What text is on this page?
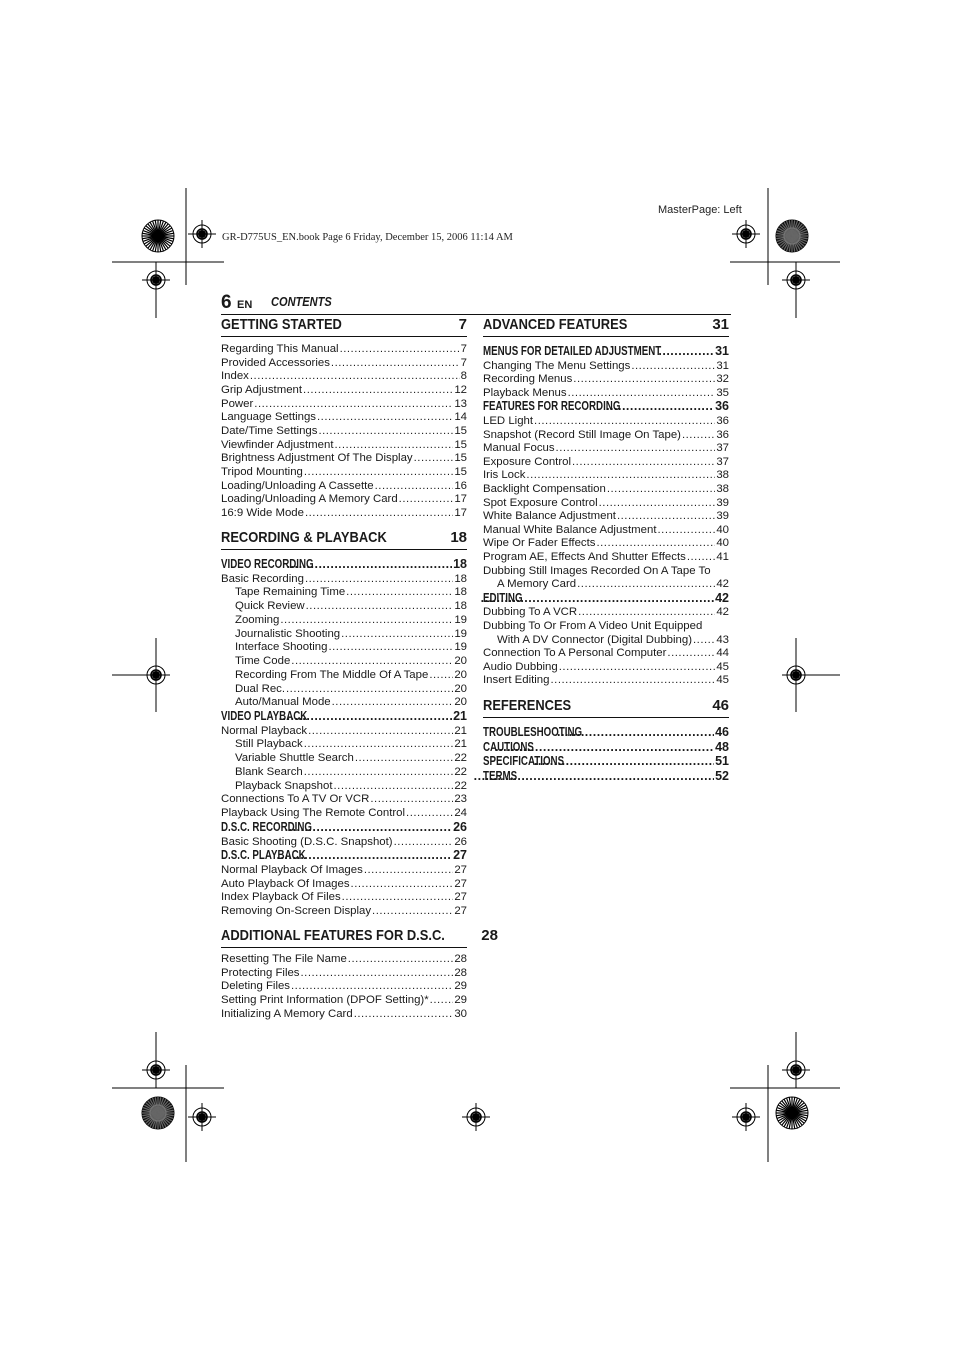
MasterPage: Left
GR-D775US_EN.book Page 6 Friday, December 15, 2006 11:14 AM
6 EN CONTENTS
GETTING STARTED	7
Regarding This Manual .....	7
Provided Accessories .....	7
Index .....	8
Grip Adjustment .....	12
Power .....	13
Language Settings .....	14
Date/Time Settings .....	15
Viewfinder Adjustment .....	15
Brightness Adjustment Of The Display .....	15
Tripod Mounting .....	15
Loading/Unloading A Cassette .....	16
Loading/Unloading A Memory Card .....	17
16:9 Wide Mode .....	17
RECORDING & PLAYBACK	18
VIDEO RECORDING .....	18
Basic Recording .....	18
Tape Remaining Time .....	18
Quick Review .....	18
Zooming .....	19
Journalistic Shooting .....	19
Interface Shooting .....	19
Time Code .....	20
Recording From The Middle Of A Tape ..... 20
Dual Rec. .....	20
Auto/Manual Mode .....	20
VIDEO PLAYBACK .....	21
Normal Playback .....	21
Still Playback .....	21
Variable Shuttle Search .....	22
Blank Search .....	22
Playback Snapshot .....	22
Connections To A TV Or VCR .....	23
Playback Using The Remote Control .....	24
D.S.C. RECORDING .....	26
Basic Shooting (D.S.C. Snapshot) .....	26
D.S.C. PLAYBACK .....	27
Normal Playback Of Images .....	27
Auto Playback Of Images .....	27
Index Playback Of Files .....	27
Removing On-Screen Display .....	27
ADDITIONAL FEATURES FOR D.S.C. 28
Resetting The File Name .....	28
Protecting Files .....	28
Deleting Files .....	29
Setting Print Information (DPOF Setting)* ..... 29
Initializing A Memory Card .....	30
ADVANCED FEATURES	31
MENUS FOR DETAILED ADJUSTMENT .....	31
Changing The Menu Settings .....	31
Recording Menus .....	32
Playback Menus .....	35
FEATURES FOR RECORDING .....	36
LED Light .....	36
Snapshot (Record Still Image On Tape) .....	36
Manual Focus .....	37
Exposure Control .....	37
Iris Lock .....	38
Backlight Compensation .....	38
Spot Exposure Control .....	39
White Balance Adjustment .....	39
Manual White Balance Adjustment .....	40
Wipe Or Fader Effects .....	40
Program AE, Effects And Shutter Effects .....	41
Dubbing Still Images Recorded On A Tape To
A Memory Card .....	42
EDITING .....	42
Dubbing To A VCR .....	42
Dubbing To Or From A Video Unit Equipped
With A DV Connector (Digital Dubbing) ..... 43
Connection To A Personal Computer .....	44
Audio Dubbing .....	45
Insert Editing .....	45
REFERENCES	46
TROUBLESHOOTING .....	46
CAUTIONS .....	48
SPECIFICATIONS .....	51
TERMS .....	52
